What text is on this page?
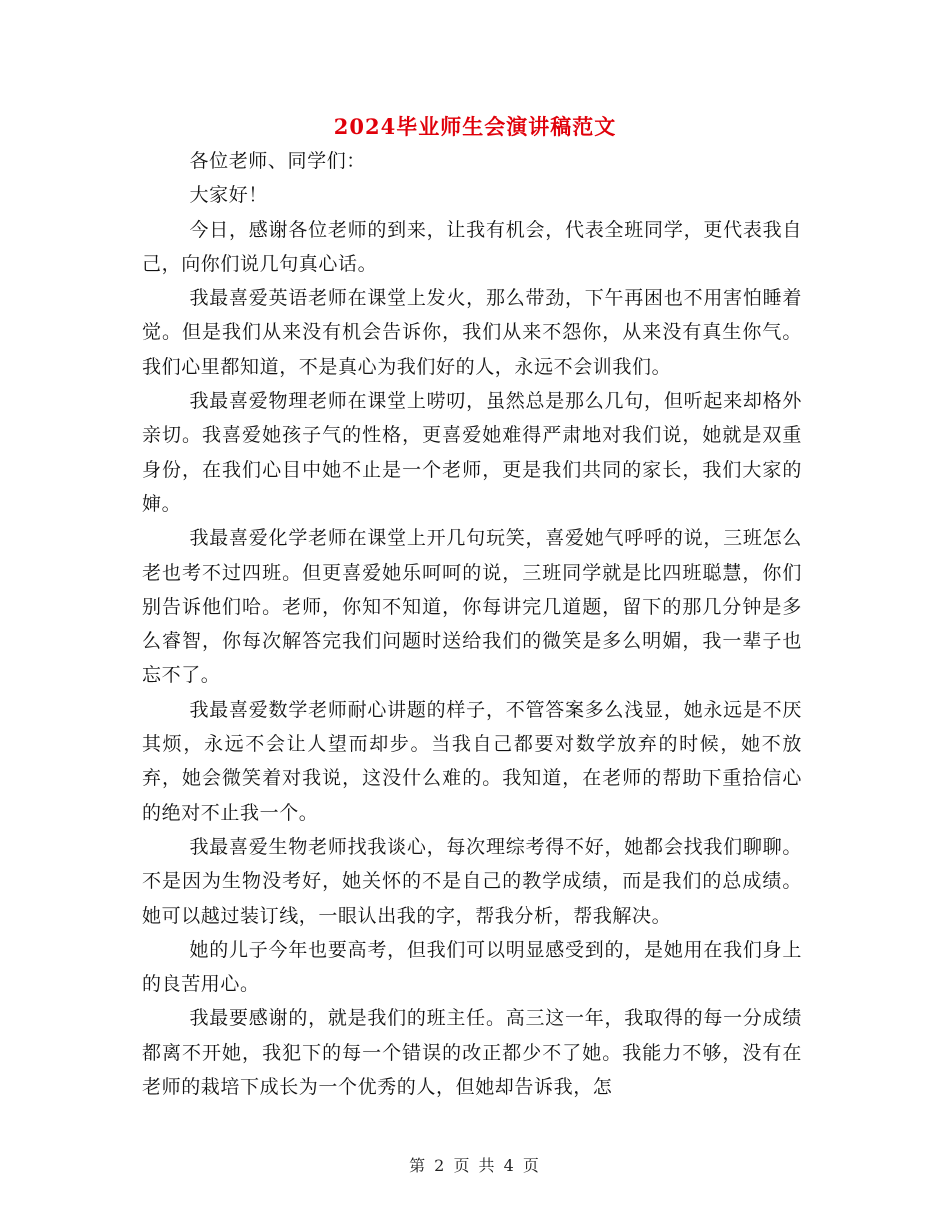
2024毕业师生会演讲稿范文

各位老师、同学们：

大家好！

今日，感谢各位老师的到来，让我有机会，代表全班同学，更代表我自己，向你们说几句真心话。

我最喜爱英语老师在课堂上发火，那么带劲，下午再困也不用害怕睡着觉。但是我们从来没有机会告诉你，我们从来不怨你，从来没有真生你气。我们心里都知道，不是真心为我们好的人，永远不会训我们。

我最喜爱物理老师在课堂上唠叨，虽然总是那么几句，但听起来却格外亲切。我喜爱她孩子气的性格，更喜爱她难得严肃地对我们说，她就是双重身份，在我们心目中她不止是一个老师，更是我们共同的家长，我们大家的婶。

我最喜爱化学老师在课堂上开几句玩笑，喜爱她气呼呼的说，三班怎么老也考不过四班。但更喜爱她乐呵呵的说，三班同学就是比四班聪慧，你们别告诉他们哈。老师，你知不知道，你每讲完几道题，留下的那几分钟是多么睿智，你每次解答完我们问题时送给我们的微笑是多么明媚，我一辈子也忘不了。

我最喜爱数学老师耐心讲题的样子，不管答案多么浅显，她永远是不厌其烦，永远不会让人望而却步。当我自己都要对数学放弃的时候，她不放弃，她会微笑着对我说，这没什么难的。我知道，在老师的帮助下重拾信心的绝对不止我一个。

我最喜爱生物老师找我谈心，每次理综考得不好，她都会找我们聊聊。不是因为生物没考好，她关怀的不是自己的教学成绩，而是我们的总成绩。她可以越过装订线，一眼认出我的字，帮我分析，帮我解决。

她的儿子今年也要高考，但我们可以明显感受到的，是她用在我们身上的良苦用心。

我最要感谢的，就是我们的班主任。高三这一年，我取得的每一分成绩都离不开她，我犯下的每一个错误的改正都少不了她。我能力不够，没有在老师的栽培下成长为一个优秀的人，但她却告诉我，怎

第 2 页 共 4 页
